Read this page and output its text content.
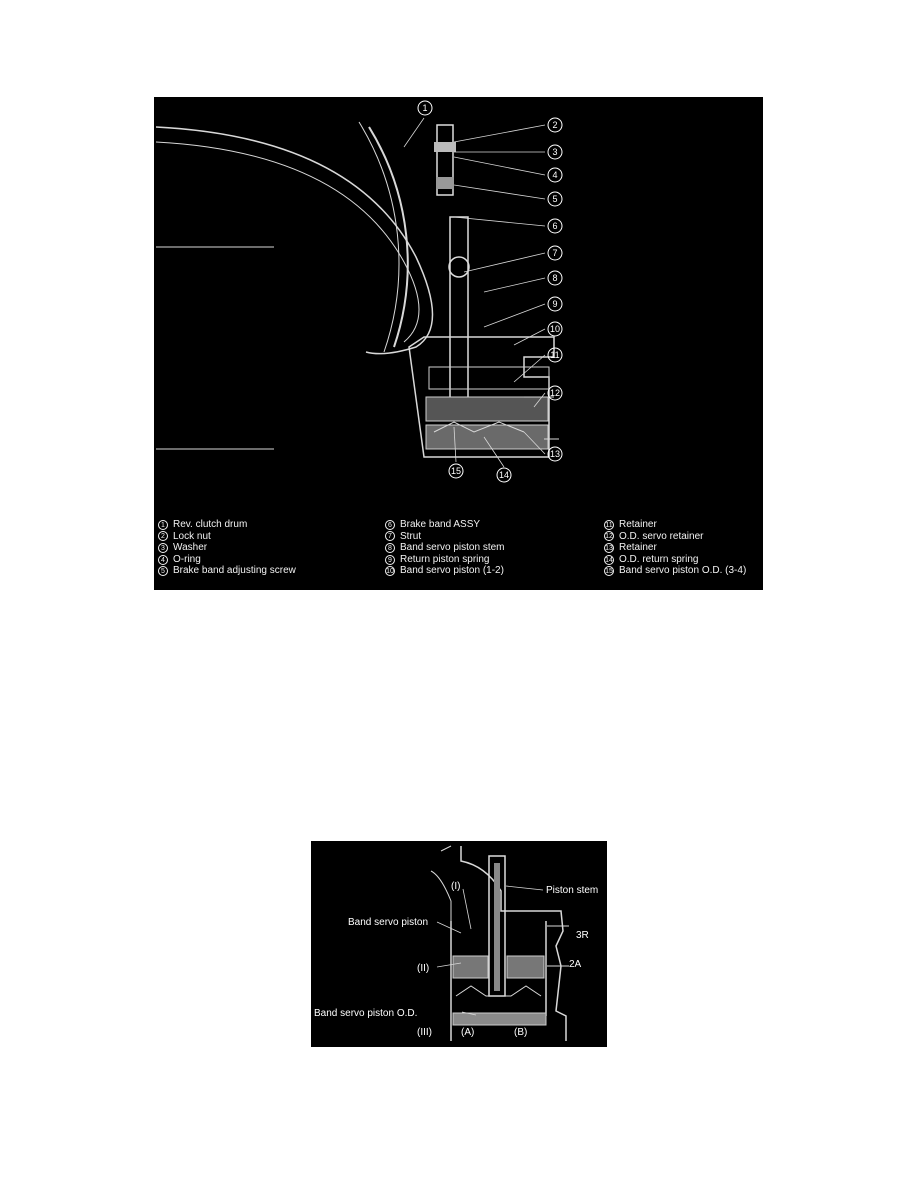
1
2
3
4
5
6
7
8
9
10
11
12
13
14
15
1 Rev. clutch drum
2 Lock nut
3 Washer
4 O-ring
5 Brake band adjusting screw
6 Brake band ASSY
7 Strut
8 Band servo piston stem
9 Return piston spring
10 Band servo piston (1-2)
11 Retainer
12 O.D. servo retainer
13 Retainer
14 O.D. return spring
15 Band servo piston O.D. (3-4)
Piston stem
(I)
Band servo piston
3R
(II)	2A
Band servo piston O.D.
(III)	(A)	(B)
